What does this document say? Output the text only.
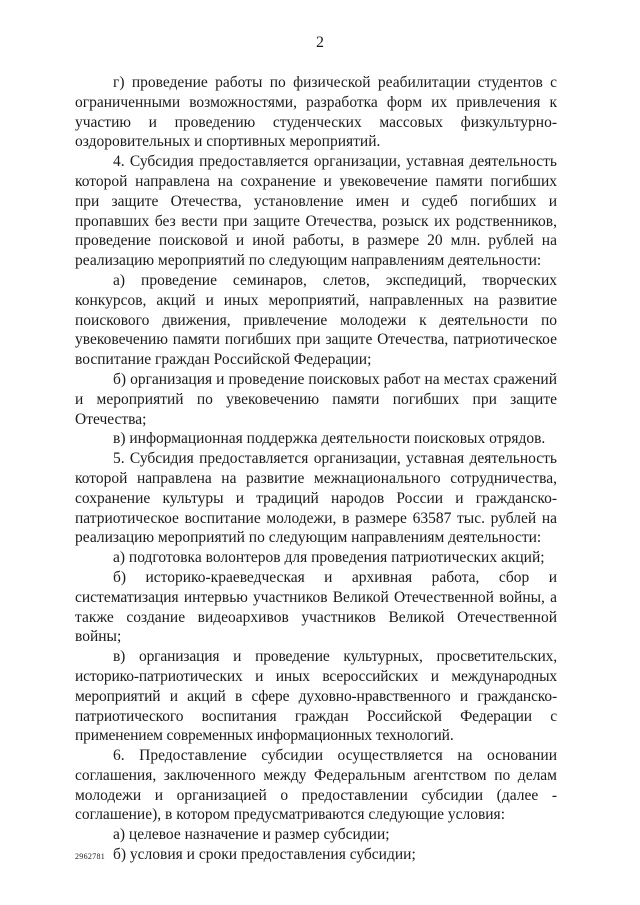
2

г) проведение работы по физической реабилитации студентов с ограниченными возможностями, разработка форм их привлечения к участию и проведению студенческих массовых физкультурно-оздоровительных и спортивных мероприятий.

4. Субсидия предоставляется организации, уставная деятельность которой направлена на сохранение и увековечение памяти погибших при защите Отечества, установление имен и судеб погибших и пропавших без вести при защите Отечества, розыск их родственников, проведение поисковой и иной работы, в размере 20 млн. рублей на реализацию мероприятий по следующим направлениям деятельности:

а) проведение семинаров, слетов, экспедиций, творческих конкурсов, акций и иных мероприятий, направленных на развитие поискового движения, привлечение молодежи к деятельности по увековечению памяти погибших при защите Отечества, патриотическое воспитание граждан Российской Федерации;

б) организация и проведение поисковых работ на местах сражений и мероприятий по увековечению памяти погибших при защите Отечества;

в) информационная поддержка деятельности поисковых отрядов.

5. Субсидия предоставляется организации, уставная деятельность которой направлена на развитие межнационального сотрудничества, сохранение культуры и традиций народов России и гражданско-патриотическое воспитание молодежи, в размере 63587 тыс. рублей на реализацию мероприятий по следующим направлениям деятельности:

а) подготовка волонтеров для проведения патриотических акций;

б) историко-краеведческая и архивная работа, сбор и систематизация интервью участников Великой Отечественной войны, а также создание видеоархивов участников Великой Отечественной войны;

в) организация и проведение культурных, просветительских, историко-патриотических и иных всероссийских и международных мероприятий и акций в сфере духовно-нравственного и гражданско-патриотического воспитания граждан Российской Федерации с применением современных информационных технологий.

6. Предоставление субсидии осуществляется на основании соглашения, заключенного между Федеральным агентством по делам молодежи и организацией о предоставлении субсидии (далее - соглашение), в котором предусматриваются следующие условия:

а) целевое назначение и размер субсидии;

б) условия и сроки предоставления субсидии;

2962781
